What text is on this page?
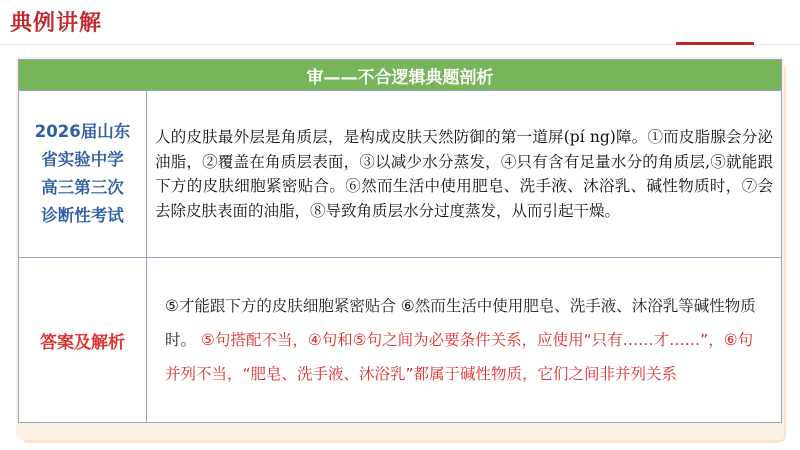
典例讲解
审——不合逻辑典题剖析	

2026届山东
省实验中学
高三第三次
诊断性考试	人的皮肤最外层是角质层，是构成皮肤天然防御的第一道屏(pí ng)障。①而皮脂腺会分泌油脂，②覆盖在角质层表面，③以减少水分蒸发，④只有含有足量水分的角质层,⑤就能跟下方的皮肤细胞紧密贴合。⑥然而生活中使用肥皂、洗手液、沐浴乳、碱性物质时，⑦会去除皮肤表面的油脂，⑧导致角质层水分过度蒸发，从而引起干燥。
答案及解析	⑤才能跟下方的皮肤细胞紧密贴合 ⑥然而生活中使用肥皂、洗手液、沐浴乳等碱性物质时。 ⑤句搭配不当，④句和⑤句之间为必要条件关系，应使用“只有……才……”，⑥句并列不当，“肥皂、洗手液、沐浴乳”都属于碱性物质，它们之间非并列关系
